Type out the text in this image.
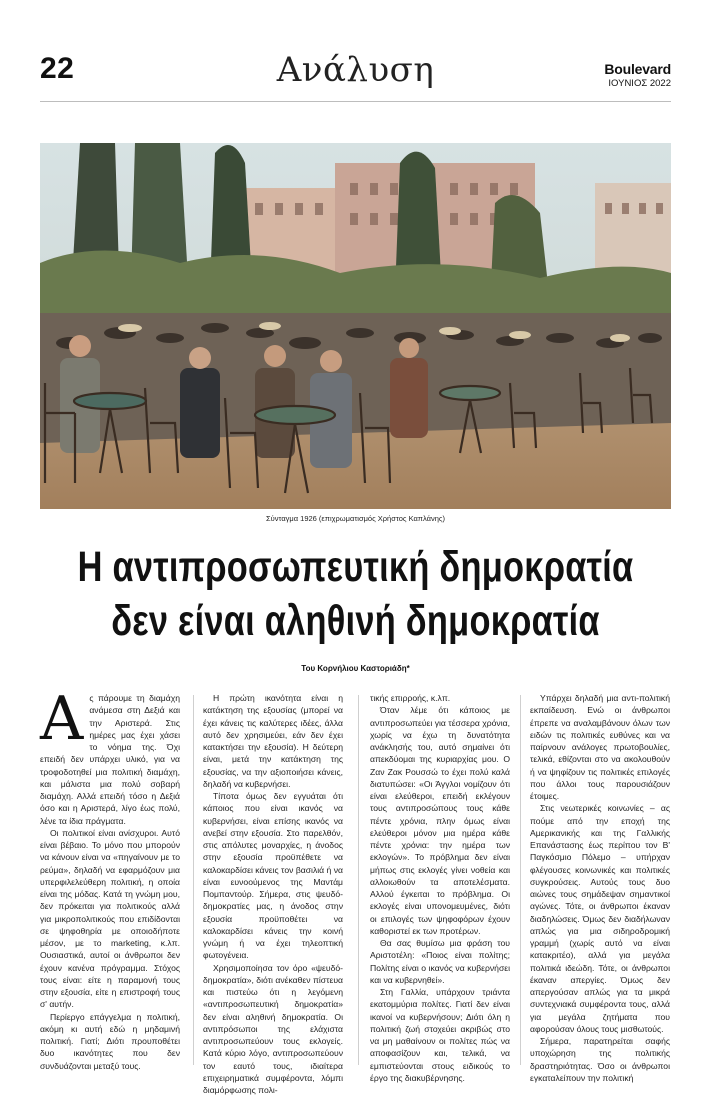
22	Ανάλυση	Boulevard
ΙΟΥΝΙΟΣ 2022
Σύνταγμα 1926 (επιχρωματισμός Χρήστος Καπλάνης)
Η αντιπροσωπευτική δημοκρατία
δεν είναι αληθινή δημοκρατία
Του Κορνήλιου Καστοριάδη*
Α ς πάρουμε τη διαμάχη ανάμεσα στη Δεξιά και την Αριστερά. Στις ημέρες μας έχει χάσει το νόημα της. Όχι επειδή δεν υπάρχει υλικό, για να τροφοδοτηθεί μια πολιτική διαμάχη, και μάλιστα μια πολύ σοβαρή διαμάχη. Αλλά επειδή τόσο η Δεξιά όσο και η Αριστερά, λίγο έως πολύ, λένε τα ίδια πράγματα.

Οι πολιτικοί είναι ανίσχυροι. Αυτό είναι βέβαιο. Το μόνο που μπορούν να κάνουν είναι να «πηγαίνουν με το ρεύμα», δηλαδή να εφαρμόζουν μια υπερφιλελεύθερη πολιτική, η οποία είναι της μόδας. Κατά τη γνώμη μου, δεν πρόκειται για πολιτικούς αλλά για μικροπολιτικούς που επιδίδονται σε ψηφοθηρία με οποιοδήποτε μέσον, με το marketing, κ.λπ. Ουσιαστικά, αυτοί οι άνθρωποι δεν έχουν κανένα πρόγραμμα. Στόχος τους είναι: είτε η παραμονή τους στην εξουσία, είτε η επιστροφή τους σ' αυτήν.

Περίεργο επάγγελμα η πολιτική, ακόμη κι αυτή εδώ η μηδαμινή πολιτική. Γιατί; Διότι προυποθέτει δυο ικανότητες που δεν συνδυάζονται μεταξύ τους.

Η πρώτη ικανότητα είναι η κατάκτηση της εξουσίας (μπορεί να έχει κάνεις τις καλύτερες ιδέες, άλλα αυτό δεν χρησιμεύει, εάν δεν έχει κατακτήσει την εξουσία). Η δεύτερη είναι, μετά την κατάκτηση της εξουσίας, να την αξιοποιήσει κάνεις, δηλαδή να κυβερνήσει.

Τίποτα όμως δεν εγγυάται ότι κάποιος που είναι ικανός να κυβερνήσει, είναι επίσης ικανός να ανεβεί στην εξουσία. Στο παρελθόν, στις απόλυτες μοναρχίες, η άνοδος στην εξουσία προϋπέθετε να καλοκαρδίσει κάνεις τον βασιλιά ή να είναι ευνοούμενος της Μαντάμ Πομπαντούρ. Σήμερα, στις ψευδό-δημοκρατίες μας, η άνοδος στην εξουσία προϋποθέτει να καλοκαρδίσει κάνεις την κοινή γνώμη ή να έχει τηλεοπτική φωτογένεια.

Χρησιμοποίησα τον όρο «ψευδό-δημοκρατία», διότι ανέκαθεν πίστευα και πιστεύω ότι η λεγόμενη «αντιπροσωπευτική δημοκρατία» δεν είναι αληθινή δημοκρατία. Οι αντιπρόσωποι της ελάχιστα αντιπροσωπεύουν τους εκλογείς. Κατά κύριο λόγο, αντιπροσωπεύουν τον εαυτό τους, ιδιαίτερα επιχειρηματικά συμφέροντα, λόμπι διαμόρφωσης πολι-

τικής επιρροής, κ.λπ.

Όταν λέμε ότι κάποιος με αντιπροσωπεύει για τέσσερα χρόνια, χωρίς να έχω τη δυνατότητα ανάκλησής του, αυτό σημαίνει ότι απεκδύομαι της κυριαρχίας μου. Ο Ζαν Ζακ Ρουσσώ το έχει πολύ καλά διατυπώσει: «Οι Άγγλοι νομίζουν ότι είναι ελεύθεροι, επειδή εκλέγουν τους αντιπροσώπους τους κάθε πέντε χρόνια, πλην όμως είναι ελεύθεροι μόνον μια ημέρα κάθε πέντε χρόνια: την ημέρα των εκλογών». Το πρόβλημα δεν είναι μήπως στις εκλογές γίνει νοθεία και αλλοιωθούν τα αποτελέσματα. Αλλού έγκειται το πρόβλημα. Οι εκλογές είναι υπονομευμένες, διότι οι επιλογές των ψηφοφόρων έχουν καθοριστεί εκ των προτέρων.

Θα σας θυμίσω μια φράση του Αριστοτέλη: «Ποιος είναι πολίτης; Πολίτης είναι ο ικανός να κυβερνήσει και να κυβερνηθεί».

Στη Γαλλία, υπάρχουν τριάντα εκατομμύρια πολίτες. Γιατί δεν είναι ικανοί να κυβερνήσουν; Διότι όλη η πολιτική ζωή στοχεύει ακριβώς στο να μη μαθαίνουν οι πολίτες πώς να αποφασίζουν και, τελικά, να εμπιστεύονται στους ειδικούς το έργο της διακυβέρνησης.

Υπάρχει δηλαδή μια αντι-πολιτική εκπαίδευση. Ενώ οι άνθρωποι έπρεπε να αναλαμβάνουν όλων των ειδών τις πολιτικές ευθύνες και να παίρνουν ανάλογες πρωτοβουλίες, τελικά, εθίζονται στο να ακολουθούν ή να ψηφίζουν τις πολιτικές επιλογές που άλλοι τους παρουσιάζουν έτοιμες.

Στις νεωτερικές κοινωνίες – ας πούμε από την εποχή της Αμερικανικής και της Γαλλικής Επανάστασης έως περίπου τον Β' Παγκόσμιο Πόλεμο – υπήρχαν φλέγουσες κοινωνικές και πολιτικές συγκρούσεις. Αυτούς τους δυο αιώνες τους σημάδεψαν σημαντικοί αγώνες. Τότε, οι άνθρωποι έκαναν διαδηλώσεις. Όμως δεν διαδήλωναν απλώς για μια σιδηροδρομική γραμμή (χωρίς αυτό να είναι κατακριτέο), αλλά για μεγάλα πολιτικά ιδεώδη. Τότε, οι άνθρωποι έκαναν απεργίες. Όμως δεν απεργούσαν απλώς για τα μικρά συντεχνιακά συμφέροντα τους, αλλά για μεγάλα ζητήματα που αφορούσαν όλους τους μισθωτούς.

Σήμερα, παρατηρείται σαφής υποχώρηση της πολιτικής δραστηριότητας. Όσο οι άνθρωποι εγκαταλείπουν την πολιτική
